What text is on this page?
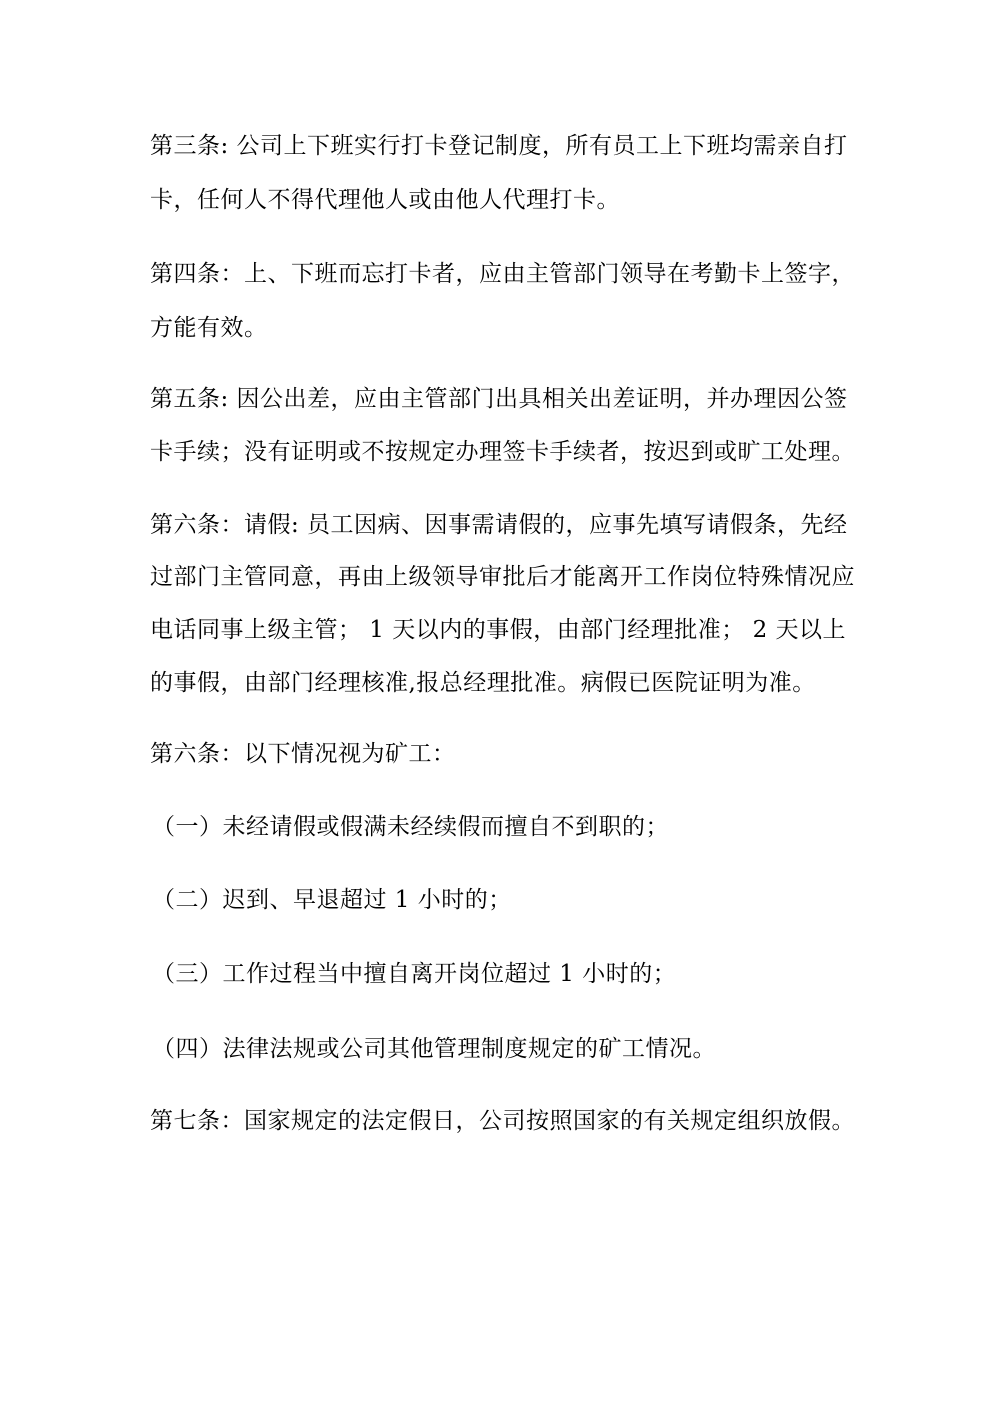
第三条: 公司上下班实行打卡登记制度，所有员工上下班均需亲自打
卡，任何人不得代理他人或由他人代理打卡。
第四条：上、下班而忘打卡者，应由主管部门领导在考勤卡上签字，
方能有效。
第五条: 因公出差，应由主管部门出具相关出差证明，并办理因公签
卡手续；没有证明或不按规定办理签卡手续者，按迟到或旷工处理。
第六条：请假: 员工因病、因事需请假的，应事先填写请假条，先经
过部门主管同意，再由上级领导审批后才能离开工作岗位特殊情况应
电话同事上级主管； 1 天以内的事假，由部门经理批准； 2 天以上
的事假，由部门经理核准,报总经理批准。病假已医院证明为准。
第六条：以下情况视为矿工：
（一）未经请假或假满未经续假而擅自不到职的；
（二）迟到、早退超过 1 小时的；
（三）工作过程当中擅自离开岗位超过 1 小时的；
（四）法律法规或公司其他管理制度规定的矿工情况。
第七条：国家规定的法定假日，公司按照国家的有关规定组织放假。
